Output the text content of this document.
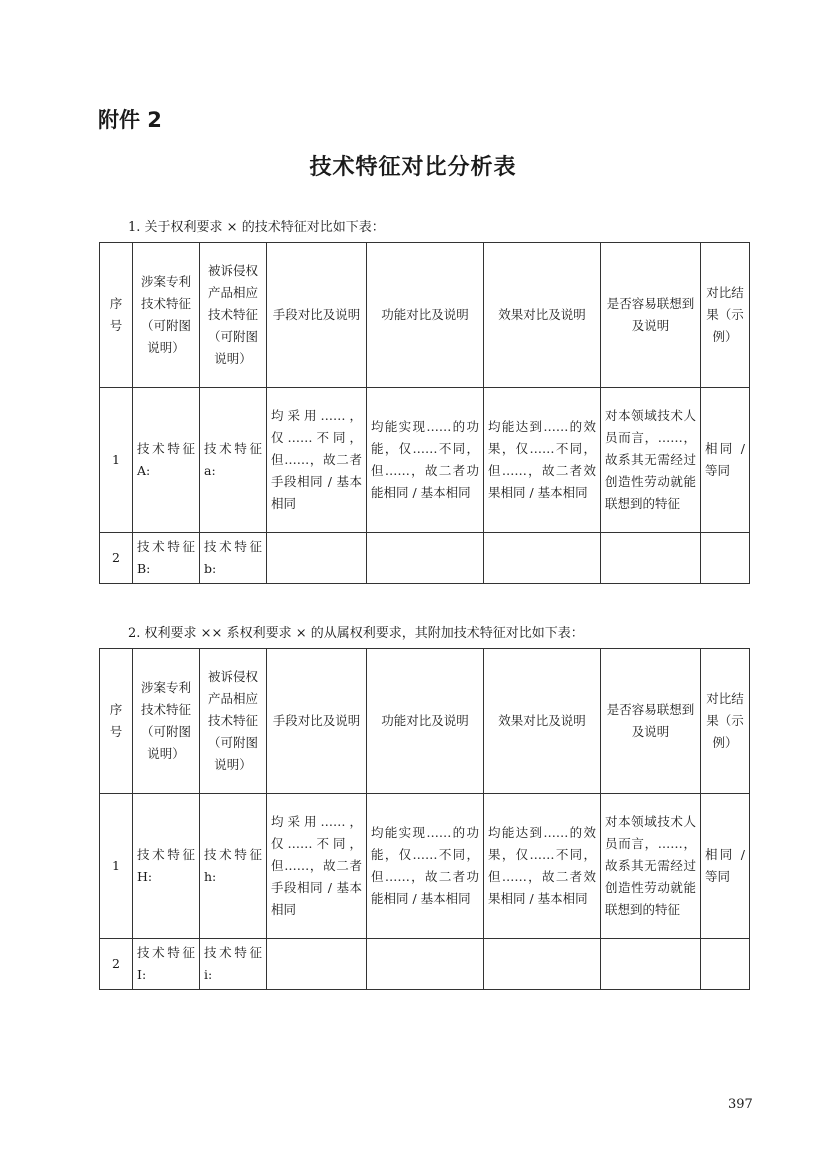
附件 2
技术特征对比分析表
1. 关于权利要求 × 的技术特征对比如下表：
序号	涉案专利技术特征（可附图说明）	被诉侵权产品相应技术特征（可附图说明）	手段对比及说明	功能对比及说明	效果对比及说明	是否容易联想到及说明	对比结果（示例）
1	技术特征 A:	技术特征 a:	均采用……，仅……不同，但……，故二者手段相同 / 基本相同	均能实现……的功能，仅……不同，但……，故二者功能相同 / 基本相同	均能达到……的效果，仅……不同，但……，故二者效果相同 / 基本相同	对本领域技术人员而言，……，故系其无需经过创造性劳动就能联想到的特征	相同 / 等同
2	技术特征 B:	技术特征 b:					
2. 权利要求 ×× 系权利要求 × 的从属权利要求，其附加技术特征对比如下表：
序号	涉案专利技术特征（可附图说明）	被诉侵权产品相应技术特征（可附图说明）	手段对比及说明	功能对比及说明	效果对比及说明	是否容易联想到及说明	对比结果（示例）
1	技术特征 H:	技术特征 h:	均采用……，仅……不同，但……，故二者手段相同 / 基本相同	均能实现……的功能，仅……不同，但……，故二者功能相同 / 基本相同	均能达到……的效果，仅……不同，但……，故二者效果相同 / 基本相同	对本领域技术人员而言，……，故系其无需经过创造性劳动就能联想到的特征	相同 / 等同
2	技术特征 I:	技术特征 i:					
397
